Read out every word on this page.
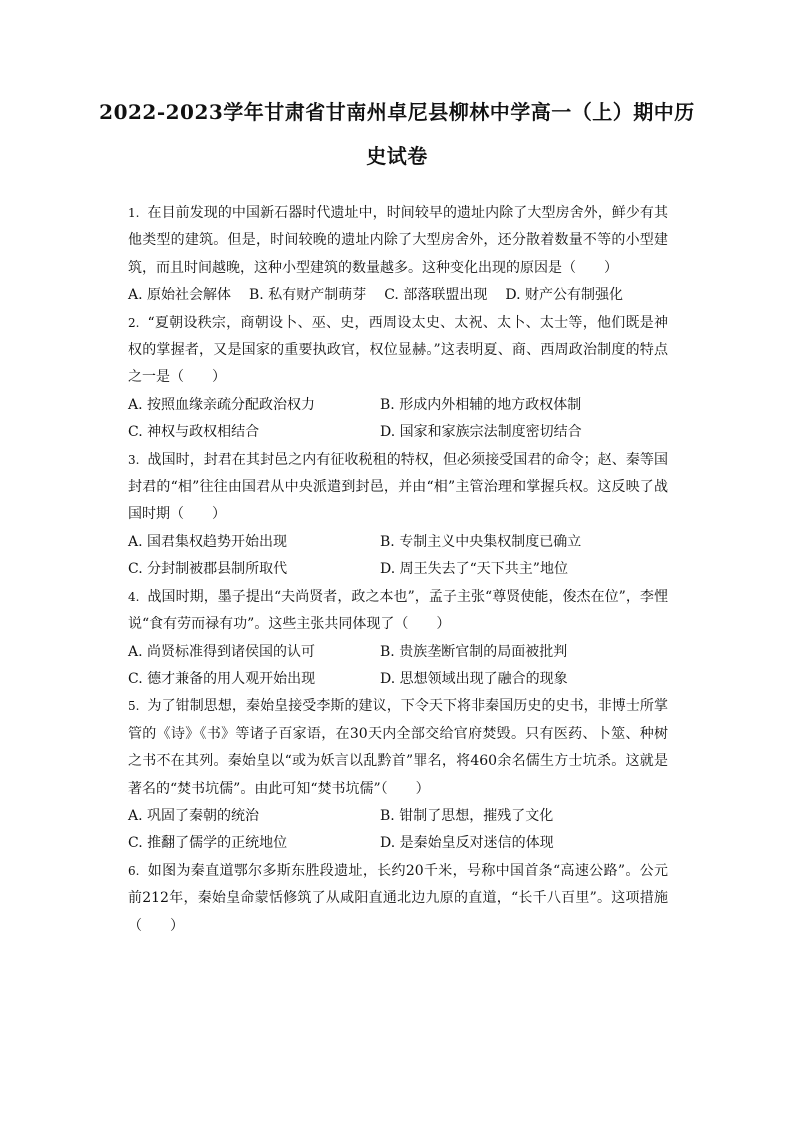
2022-2023学年甘肃省甘南州卓尼县柳林中学高一（上）期中历
史试卷
1. 在目前发现的中国新石器时代遗址中，时间较早的遗址内除了大型房舍外，鲜少有其他类型的建筑。但是，时间较晚的遗址内除了大型房舍外，还分散着数量不等的小型建筑，而且时间越晚，这种小型建筑的数量越多。这种变化出现的原因是（　　）
A. 原始社会解体 B. 私有财产制萌芽 C. 部落联盟出现 D. 财产公有制强化
2. “夏朝设秩宗，商朝设卜、巫、史，西周设太史、太祝、太卜、太士等，他们既是神权的掌握者，又是国家的重要执政官，权位显赫。”这表明夏、商、西周政治制度的特点之一是（　　）
A. 按照血缘亲疏分配政治权力	B. 形成内外相辅的地方政权体制
C. 神权与政权相结合	D. 国家和家族宗法制度密切结合
3. 战国时，封君在其封邑之内有征收税租的特权，但必须接受国君的命令；赵、秦等国封君的“相”往往由国君从中央派遣到封邑，并由“相”主管治理和掌握兵权。这反映了战国时期（　　）
A. 国君集权趋势开始出现	B. 专制主义中央集权制度已确立
C. 分封制被郡县制所取代	D. 周王失去了“天下共主”地位
4. 战国时期，墨子提出“夫尚贤者，政之本也”，孟子主张“尊贤使能，俊杰在位”，李悝说“食有劳而禄有功”。这些主张共同体现了（　　）
A. 尚贤标准得到诸侯国的认可	B. 贵族垄断官制的局面被批判
C. 德才兼备的用人观开始出现	D. 思想领域出现了融合的现象
5. 为了钳制思想，秦始皇接受李斯的建议，下令天下将非秦国历史的史书，非博士所掌管的《诗》《书》等诸子百家语，在30天内全部交给官府焚毁。只有医药、卜筮、种树之书不在其列。秦始皇以“或为妖言以乱黔首”罪名，将460余名儒生方士坑杀。这就是著名的“焚书坑儒”。由此可知“焚书坑儒”（　　）
A. 巩固了秦朝的统治	B. 钳制了思想，摧残了文化
C. 推翻了儒学的正统地位	D. 是秦始皇反对迷信的体现
6. 如图为秦直道鄂尔多斯东胜段遗址，长约20千米，号称中国首条“高速公路”。公元前212年，秦始皇命蒙恬修筑了从咸阳直通北边九原的直道，“长千八百里”。这项措施（　　）
